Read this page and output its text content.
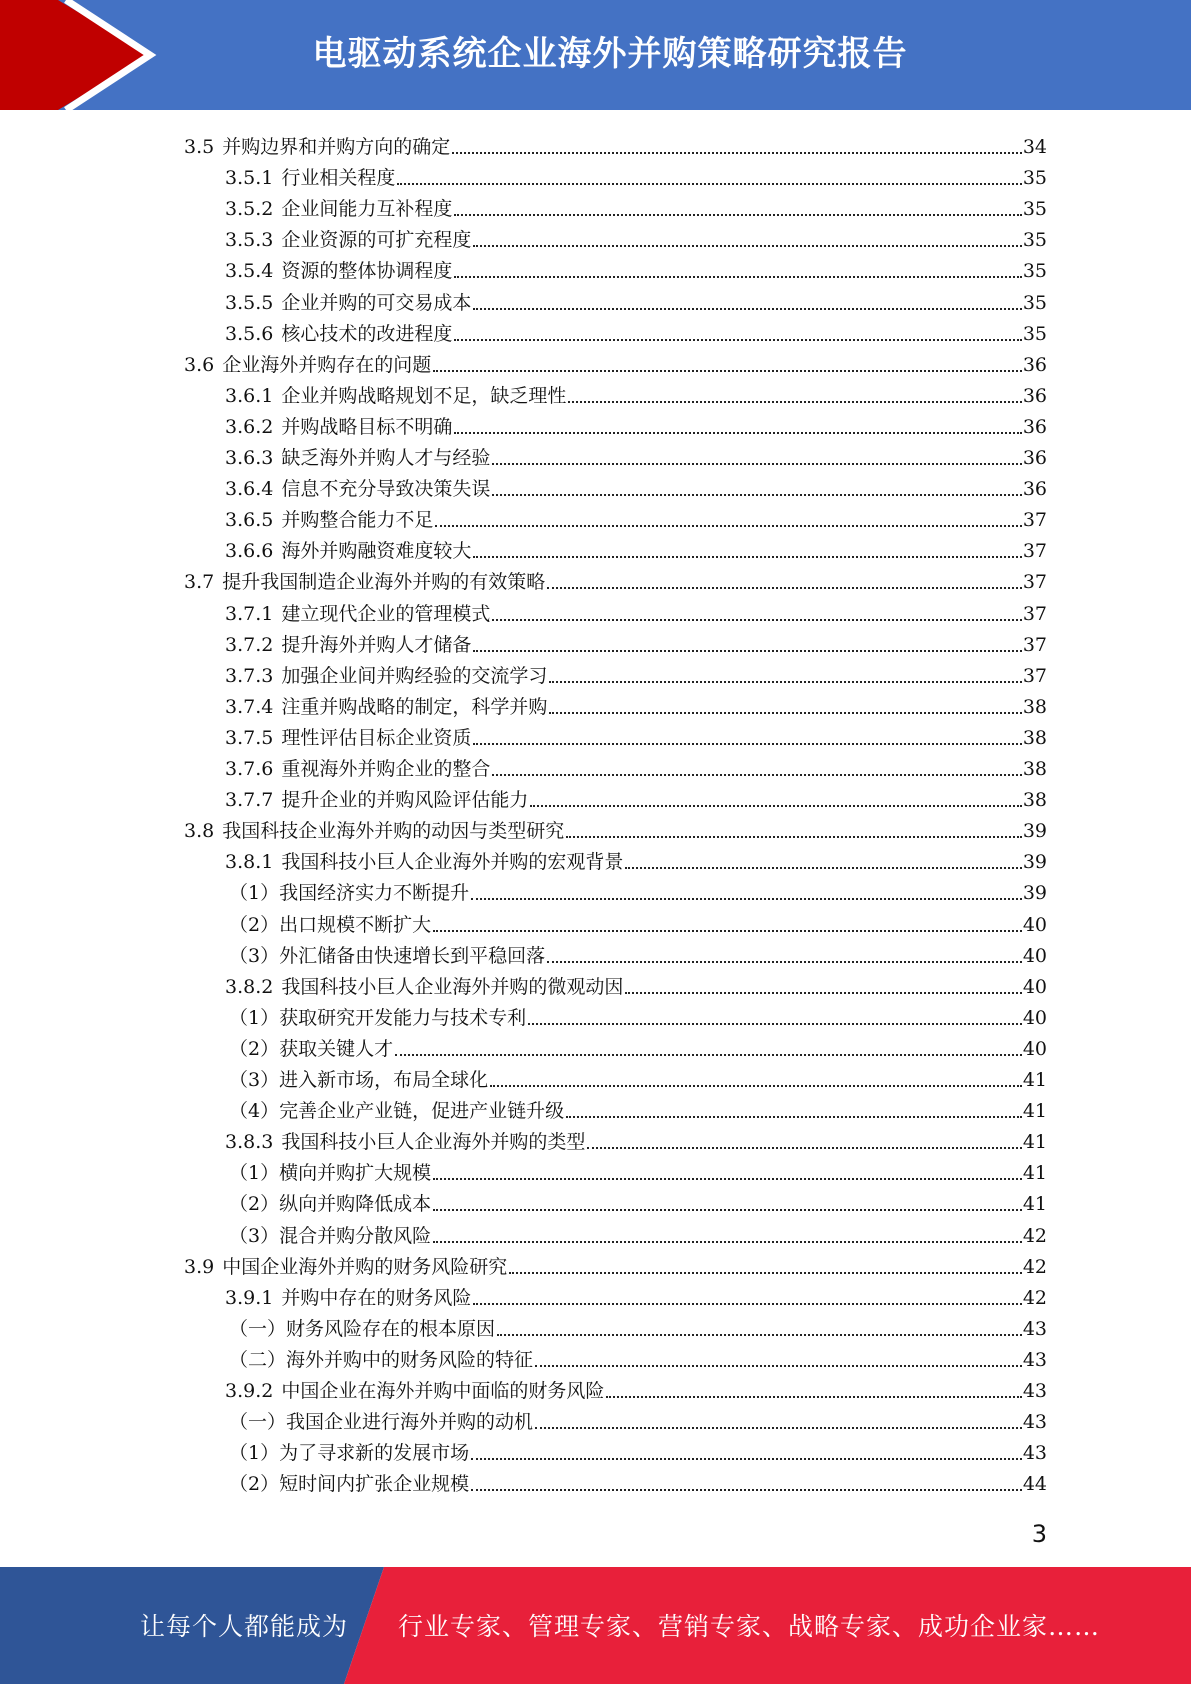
电驱动系统企业海外并购策略研究报告
3.5 并购边界和并购方向的确定	34
3.5.1 行业相关程度	35
3.5.2 企业间能力互补程度	35
3.5.3 企业资源的可扩充程度	35
3.5.4 资源的整体协调程度	35
3.5.5 企业并购的可交易成本	35
3.5.6 核心技术的改进程度	35
3.6 企业海外并购存在的问题	36
3.6.1 企业并购战略规划不足，缺乏理性	36
3.6.2 并购战略目标不明确	36
3.6.3 缺乏海外并购人才与经验	36
3.6.4 信息不充分导致决策失误	36
3.6.5 并购整合能力不足	37
3.6.6 海外并购融资难度较大	37
3.7 提升我国制造企业海外并购的有效策略	37
3.7.1 建立现代企业的管理模式	37
3.7.2 提升海外并购人才储备	37
3.7.3 加强企业间并购经验的交流学习	37
3.7.4 注重并购战略的制定，科学并购	38
3.7.5 理性评估目标企业资质	38
3.7.6 重视海外并购企业的整合	38
3.7.7 提升企业的并购风险评估能力	38
3.8 我国科技企业海外并购的动因与类型研究	39
3.8.1 我国科技小巨人企业海外并购的宏观背景	39
（1） 我国经济实力不断提升	39
（2） 出口规模不断扩大	40
（3） 外汇储备由快速增长到平稳回落	40
3.8.2 我国科技小巨人企业海外并购的微观动因	40
（1） 获取研究开发能力与技术专利	40
（2） 获取关键人才	40
（3） 进入新市场，布局全球化	41
（4） 完善企业产业链，促进产业链升级	41
3.8.3 我国科技小巨人企业海外并购的类型	41
（1） 横向并购扩大规模	41
（2） 纵向并购降低成本	41
（3） 混合并购分散风险	42
3.9 中国企业海外并购的财务风险研究	42
3.9.1 并购中存在的财务风险	42
（一） 财务风险存在的根本原因	43
（二） 海外并购中的财务风险的特征	43
3.9.2 中国企业在海外并购中面临的财务风险	43
（一） 我国企业进行海外并购的动机	43
（1） 为了寻求新的发展市场	43
（2） 短时间内扩张企业规模	44
3
让每个人都能成为 行业专家、管理专家、营销专家、战略专家、成功企业家……
